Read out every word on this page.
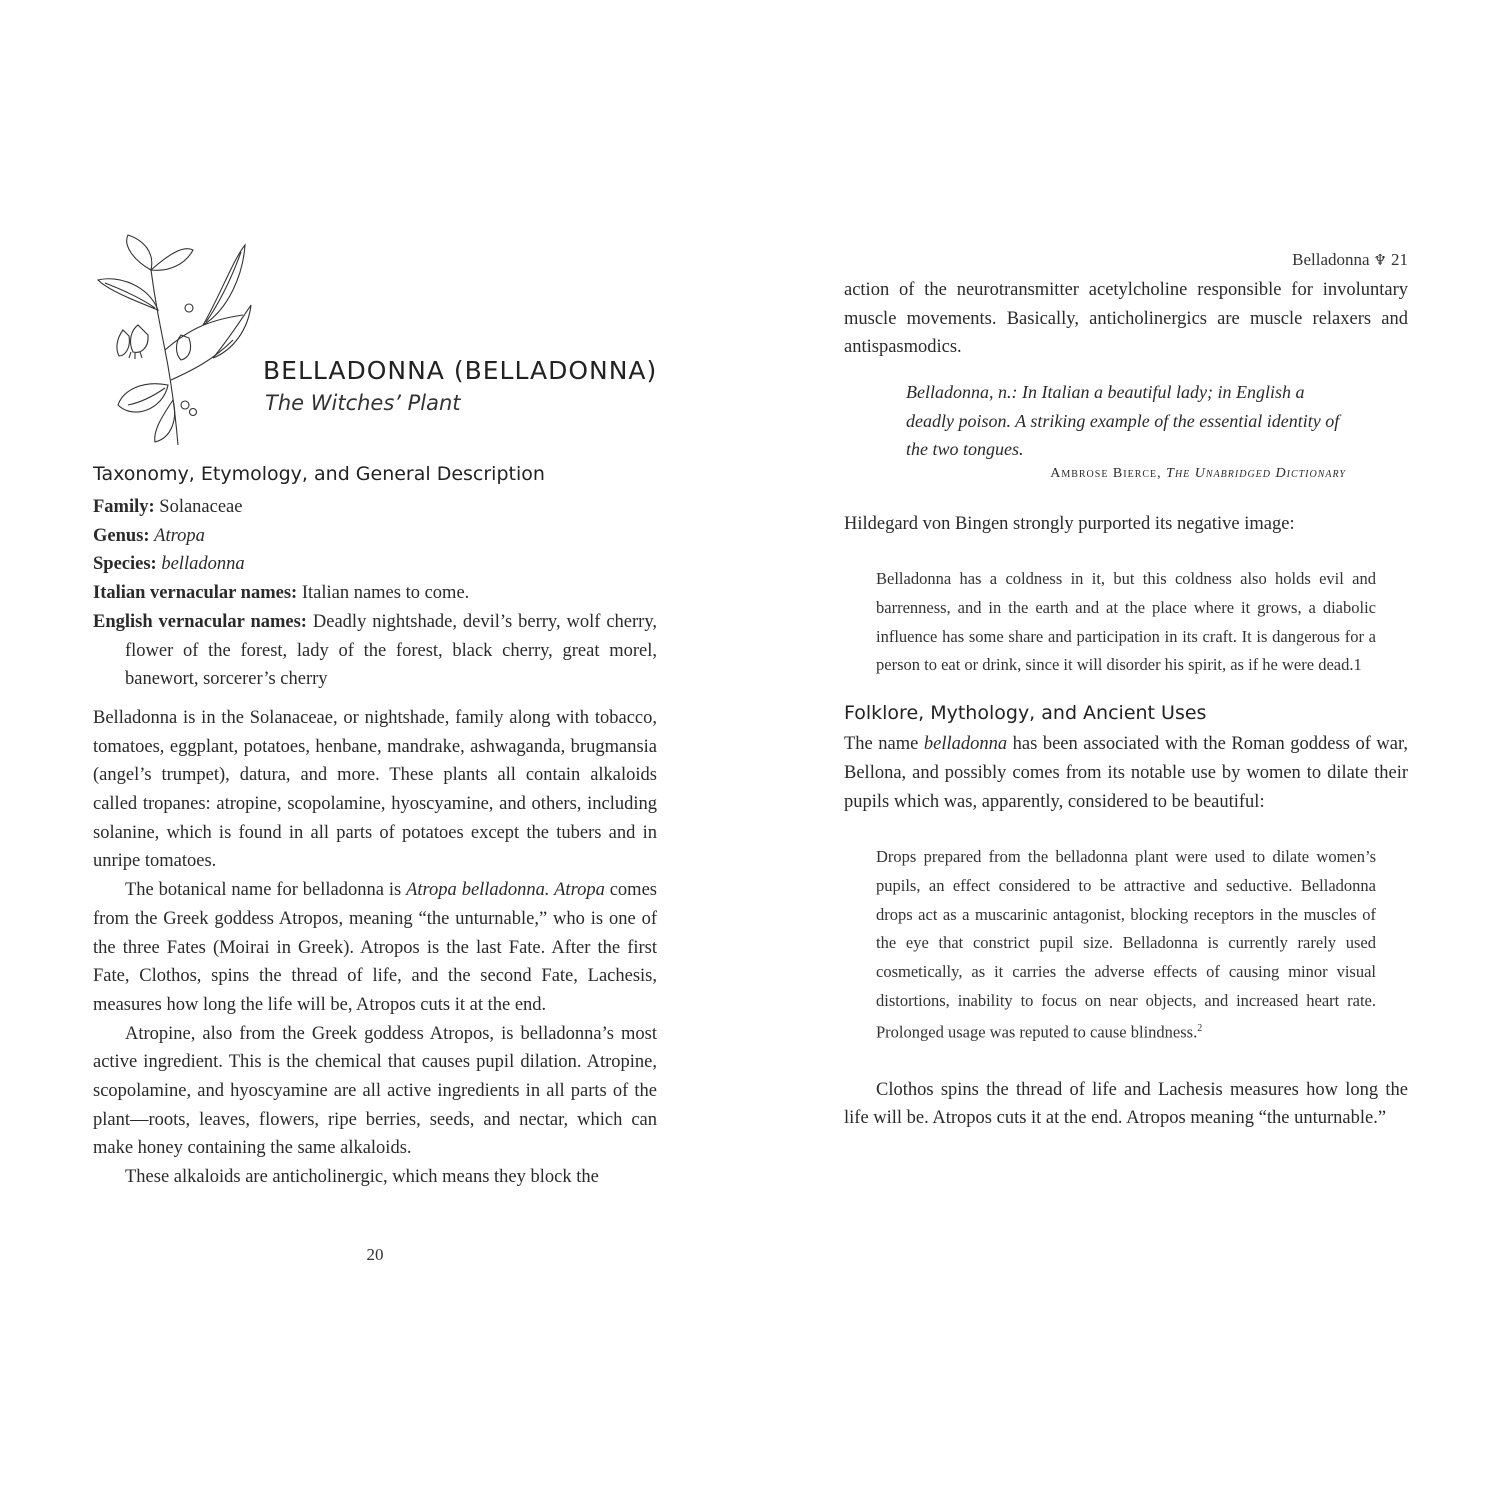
BELLADONNA (BELLADONNA)
The Witches’ Plant
Taxonomy, Etymology, and General Description
Family: Solanaceae
Genus: Atropa
Species: belladonna
Italian vernacular names: Italian names to come.
English vernacular names: Deadly nightshade, devil’s berry, wolf cherry, flower of the forest, lady of the forest, black cherry, great morel, banewort, sorcerer’s cherry

Belladonna is in the Solanaceae, or nightshade, family along with tobacco, tomatoes, eggplant, potatoes, henbane, mandrake, ashwaganda, brugmansia (angel’s trumpet), datura, and more. These plants all contain alkaloids called tropanes: atropine, scopolamine, hyoscyamine, and others, including solanine, which is found in all parts of potatoes except the tubers and in unripe tomatoes.

The botanical name for belladonna is Atropa belladonna. Atropa comes from the Greek goddess Atropos, meaning “the unturnable,” who is one of the three Fates (Moirai in Greek). Atropos is the last Fate. After the first Fate, Clothos, spins the thread of life, and the second Fate, Lachesis, measures how long the life will be, Atropos cuts it at the end.

Atropine, also from the Greek goddess Atropos, is belladonna’s most active ingredient. This is the chemical that causes pupil dilation. Atropine, scopolamine, and hyoscyamine are all active ingredients in all parts of the plant—roots, leaves, flowers, ripe berries, seeds, and nectar, which can make honey containing the same alkaloids.

These alkaloids are anticholinergic, which means they block the

20
Belladonna ♆ 21

action of the neurotransmitter acetylcholine responsible for involuntary muscle movements. Basically, anticholinergics are muscle relaxers and antispasmodics.

Belladonna, n.: In Italian a beautiful lady; in English a deadly poison. A striking example of the essential identity of the two tongues.

Ambrose Bierce, The Unabridged Dictionary

Hildegard von Bingen strongly purported its negative image:

Belladonna has a coldness in it, but this coldness also holds evil and barrenness, and in the earth and at the place where it grows, a diabolic influence has some share and participation in its craft. It is dangerous for a person to eat or drink, since it will disorder his spirit, as if he were dead.1

Folklore, Mythology, and Ancient Uses

The name belladonna has been associated with the Roman goddess of war, Bellona, and possibly comes from its notable use by women to dilate their pupils which was, apparently, considered to be beautiful:

Drops prepared from the belladonna plant were used to dilate women’s pupils, an effect considered to be attractive and seductive. Belladonna drops act as a muscarinic antagonist, blocking receptors in the muscles of the eye that constrict pupil size. Belladonna is currently rarely used cosmetically, as it carries the adverse effects of causing minor visual distortions, inability to focus on near objects, and increased heart rate. Prolonged usage was reputed to cause blindness.$^2$

Clothos spins the thread of life and Lachesis measures how long the life will be. Atropos cuts it at the end. Atropos meaning “the unturnable.”
